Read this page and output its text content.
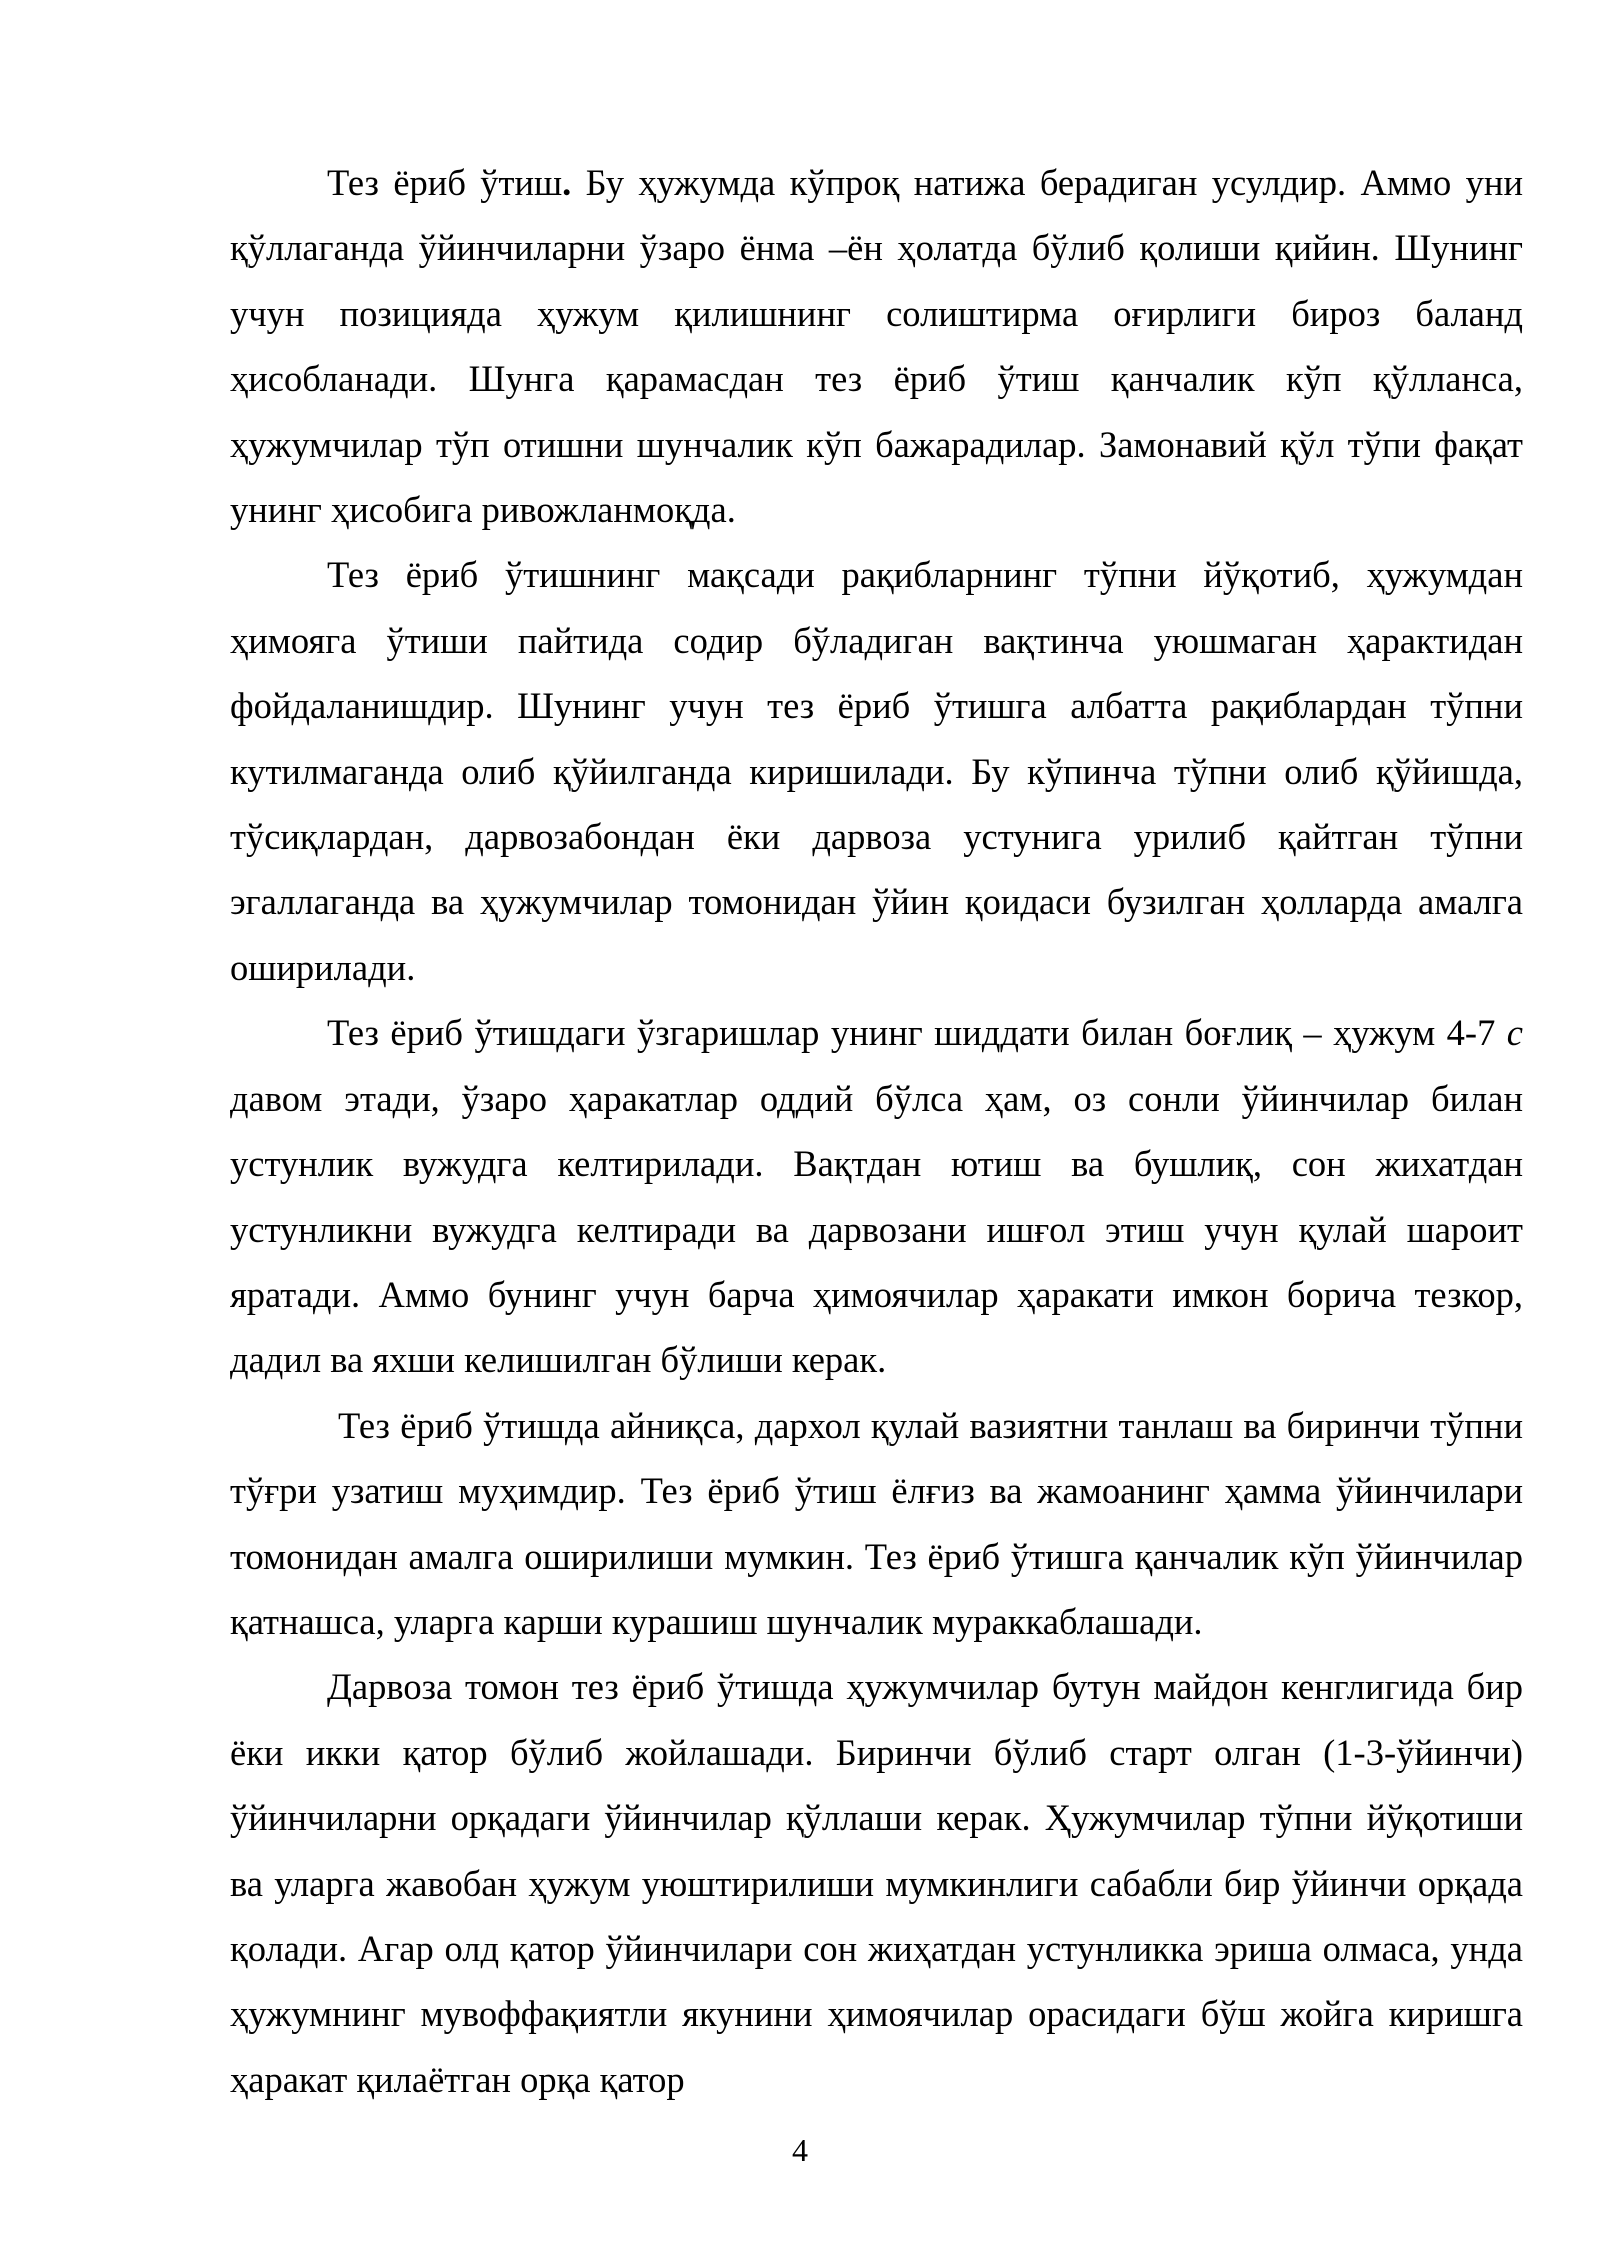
Тез ёриб ўтиш. Бу ҳужумда кўпроқ натижа берадиган усулдир. Аммо уни қўллаганда ўйинчиларни ўзаро ёнма –ён ҳолатда бўлиб қолиши қийин. Шунинг учун позицияда ҳужум қилишнинг солиштирма оғирлиги бироз баланд ҳисобланади. Шунга қарамасдан тез ёриб ўтиш қанчалик кўп қўлланса, ҳужумчилар тўп отишни шунчалик кўп бажарадилар. Замонавий қўл тўпи фақат унинг ҳисобига ривожланмоқда.

Тез ёриб ўтишнинг мақсади рақибларнинг тўпни йўқотиб, ҳужумдан ҳимояга ўтиши пайтида содир бўладиган вақтинча уюшмаган ҳарактидан фойдаланишдир. Шунинг учун тез ёриб ўтишга албатта рақиблардан тўпни кутилмаганда олиб қўйилганда киришилади. Бу кўпинча тўпни олиб қўйишда, тўсиқлардан, дарвозабондан ёки дарвоза устунига урилиб қайтган тўпни эгаллаганда ва ҳужумчилар томонидан ўйин қоидаси бузилган ҳолларда амалга оширилади.

Тез ёриб ўтишдаги ўзгаришлар унинг шиддати билан боғлиқ – ҳужум 4-7 с давом этади, ўзаро ҳаракатлар оддий бўлса ҳам, оз сонли ўйинчилар билан устунлик вужудга келтирилади. Вақтдан ютиш ва бушлиқ, сон жихатдан устунликни вужудга келтиради ва дарвозани ишғол этиш учун қулай шароит яратади. Аммо бунинг учун барча ҳимоячилар ҳаракати имкон борича тезкор, дадил ва яхши келишилган бўлиши керак.

Тез ёриб ўтишда айниқса, дархол қулай вазиятни танлаш ва биринчи тўпни тўғри узатиш муҳимдир. Тез ёриб ўтиш ёлғиз ва жамоанинг ҳамма ўйинчилари томонидан амалга оширилиши мумкин. Тез ёриб ўтишга қанчалик кўп ўйинчилар қатнашса, уларга карши курашиш шунчалик мураккаблашади.

Дарвоза томон тез ёриб ўтишда ҳужумчилар бутун майдон кенглигида бир ёки икки қатор бўлиб жойлашади. Биринчи бўлиб старт олган (1-3-ўйинчи) ўйинчиларни орқадаги ўйинчилар қўллаши керак. Ҳужумчилар тўпни йўқотиши ва уларга жавобан ҳужум уюштирилиши мумкинлиги сабабли бир ўйинчи орқада қолади. Агар олд қатор ўйинчилари сон жиҳатдан устунликка эриша олмаса, унда ҳужумнинг мувоффақиятли якунини ҳимоячилар орасидаги бўш жойга киришга ҳаракат қилаётган орқа қатор

4
